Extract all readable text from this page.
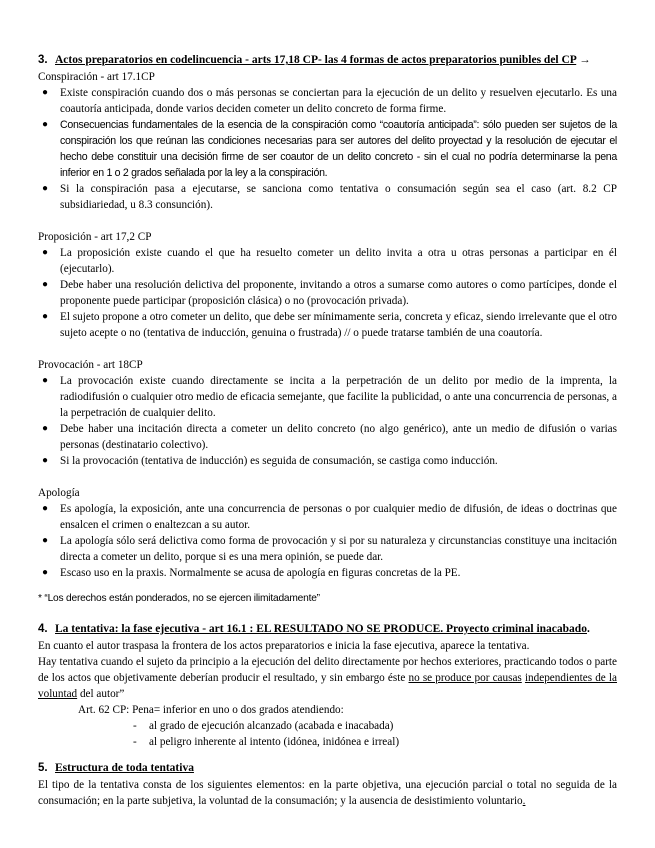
3. Actos preparatorios en codelincuencia - arts 17,18 CP- las 4 formas de actos preparatorios punibles del CP →
Conspiración - art 17.1CP
● Existe conspiración cuando dos o más personas se conciertan para la ejecución de un delito y resuelven ejecutarlo. Es una coautoría anticipada, donde varios deciden cometer un delito concreto de forma firme.
● Consecuencias fundamentales de la esencia de la conspiración como “coautoría anticipada”: sólo pueden ser sujetos de la conspiración los que reúnan las condiciones necesarias para ser autores del delito proyectad y la resolución de ejecutar el hecho debe constituir una decisión firme de ser coautor de un delito concreto - sin el cual no podría determinarse la pena inferior en 1 o 2 grados señalada por la ley a la conspiración.
● Si la conspiración pasa a ejecutarse, se sanciona como tentativa o consumación según sea el caso (art. 8.2 CP subsidiariedad, u 8.3 consunción).
Proposición - art 17,2 CP
● La proposición existe cuando el que ha resuelto cometer un delito invita a otra u otras personas a participar en él (ejecutarlo).
● Debe haber una resolución delictiva del proponente, invitando a otros a sumarse como autores o como partícipes, donde el proponente puede participar (proposición clásica) o no (provocación privada).
● El sujeto propone a otro cometer un delito, que debe ser mínimamente seria, concreta y eficaz, siendo irrelevante que el otro sujeto acepte o no (tentativa de inducción, genuina o frustrada) // o puede tratarse también de una coautoría.
Provocación - art 18CP
● La provocación existe cuando directamente se incita a la perpetración de un delito por medio de la imprenta, la radiodifusión o cualquier otro medio de eficacia semejante, que facilite la publicidad, o ante una concurrencia de personas, a la perpetración de cualquier delito.
● Debe haber una incitación directa a cometer un delito concreto (no algo genérico), ante un medio de difusión o varias personas (destinatario colectivo).
● Si la provocación (tentativa de inducción) es seguida de consumación, se castiga como inducción.
Apología
● Es apología, la exposición, ante una concurrencia de personas o por cualquier medio de difusión, de ideas o doctrinas que ensalcen el crimen o enaltezcan a su autor.
● La apología sólo será delictiva como forma de provocación y si por su naturaleza y circunstancias constituye una incitación directa a cometer un delito, porque si es una mera opinión, se puede dar.
● Escaso uso en la praxis. Normalmente se acusa de apología en figuras concretas de la PE.
* “Los derechos están ponderados, no se ejercen ilimitadamente”
4. La tentativa: la fase ejecutiva - art 16.1 : EL RESULTADO NO SE PRODUCE. Proyecto criminal inacabado.
En cuanto el autor traspasa la frontera de los actos preparatorios e inicia la fase ejecutiva, aparece la tentativa.
Hay tentativa cuando el sujeto da principio a la ejecución del delito directamente por hechos exteriores, practicando todos o parte de los actos que objetivamente deberían producir el resultado, y sin embargo éste no se produce por causas independientes de la voluntad del autor”
Art. 62 CP: Pena= inferior en uno o dos grados atendiendo:
- al grado de ejecución alcanzado (acabada e inacabada)
- al peligro inherente al intento (idónea, inidónea e irreal)
5. Estructura de toda tentativa
El tipo de la tentativa consta de los siguientes elementos: en la parte objetiva, una ejecución parcial o total no seguida de la consumación; en la parte subjetiva, la voluntad de la consumación; y la ausencia de desistimiento voluntario.
